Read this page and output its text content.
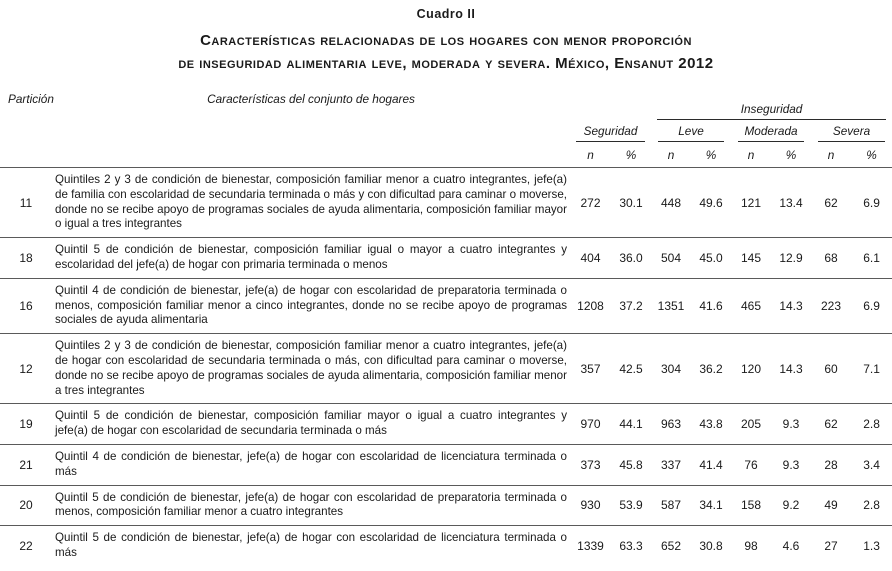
Cuadro II
Características relacionadas de los hogares con menor proporción
de inseguridad alimentaria leve, moderada y severa. México, Ensanut 2012
Partición	Características del conjunto de hogares	Seguridad		Inseguridad					

				Leve		Moderada		Severa	

		n	%	n	%	n	%	n	%
11	Quintiles 2 y 3 de condición de bienestar, composición familiar menor a cuatro integrantes, jefe(a) de familia con escolaridad de secundaria terminada o más y con dificultad para caminar o moverse, donde no se recibe apoyo de programas sociales de ayuda alimentaria, composición familiar mayor o igual a tres integrantes	272	30.1	448	49.6	121	13.4	62	6.9
18	Quintil 5 de condición de bienestar, composición familiar igual o mayor a cuatro integrantes y escolaridad del jefe(a) de hogar con primaria terminada o menos	404	36.0	504	45.0	145	12.9	68	6.1
16	Quintil 4 de condición de bienestar, jefe(a) de hogar con escolaridad de preparatoria terminada o menos, composición familiar menor a cinco integrantes, donde no se recibe apoyo de programas sociales de ayuda alimentaria	1208	37.2	1351	41.6	465	14.3	223	6.9
12	Quintiles 2 y 3 de condición de bienestar, composición familiar menor a cuatro integrantes, jefe(a) de hogar con escolaridad de secundaria terminada o más, con dificultad para caminar o moverse, donde no se recibe apoyo de programas sociales de ayuda alimentaria, composición familiar menor a tres integrantes	357	42.5	304	36.2	120	14.3	60	7.1
19	Quintil 5 de condición de bienestar, composición familiar mayor o igual a cuatro integrantes y jefe(a) de hogar con escolaridad de secundaria terminada o más	970	44.1	963	43.8	205	9.3	62	2.8
21	Quintil 4 de condición de bienestar, jefe(a) de hogar con escolaridad de licenciatura terminada o más	373	45.8	337	41.4	76	9.3	28	3.4
20	Quintil 5 de condición de bienestar, jefe(a) de hogar con escolaridad de preparatoria terminada o menos, composición familiar menor a cuatro integrantes	930	53.9	587	34.1	158	9.2	49	2.8
22	Quintil 5 de condición de bienestar, jefe(a) de hogar con escolaridad de licenciatura terminada o más	1339	63.3	652	30.8	98	4.6	27	1.3
